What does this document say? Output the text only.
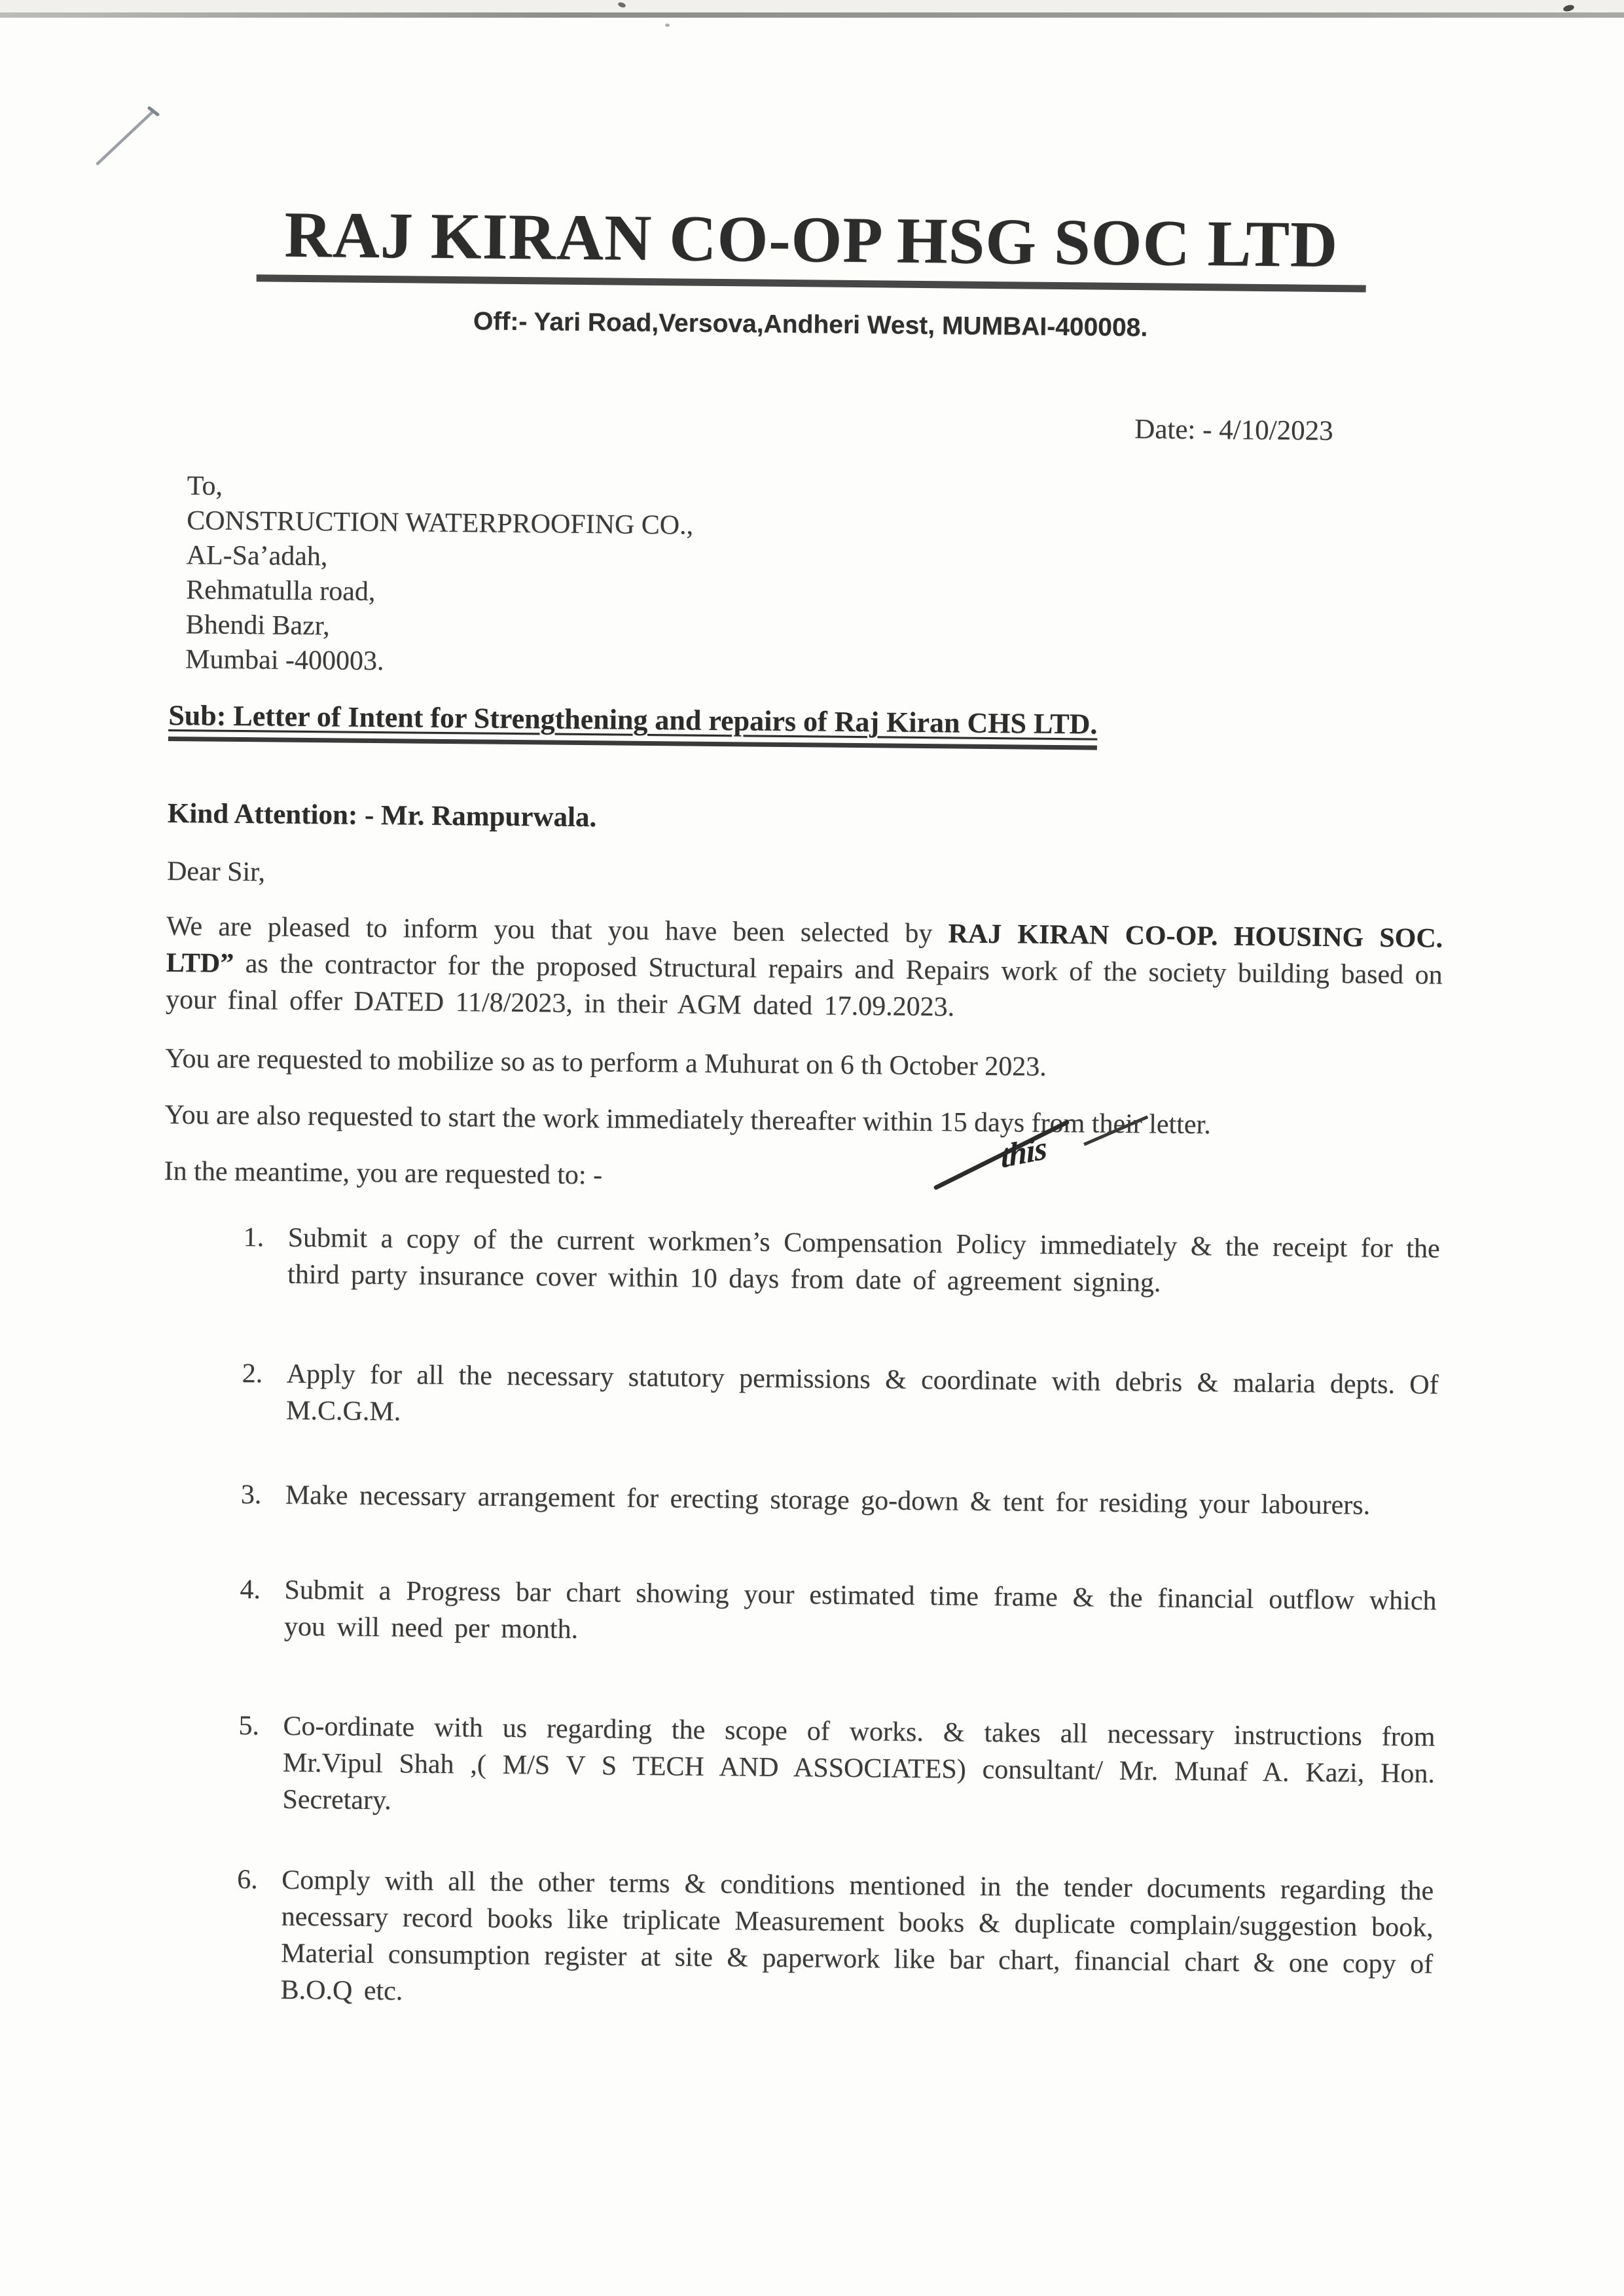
RAJ KIRAN CO-OP HSG SOC LTD
Off:- Yari Road,Versova,Andheri West, MUMBAI-400008.
Date: - 4/10/2023
To,
CONSTRUCTION WATERPROOFING CO.,
AL-Sa’adah,
Rehmatulla road,
Bhendi Bazr,
Mumbai -400003.
Sub: Letter of Intent for Strengthening and repairs of Raj Kiran CHS LTD.
Kind Attention: - Mr. Rampurwala.
Dear Sir,

We are pleased to inform you that you have been selected by RAJ KIRAN CO-OP. HOUSING SOC. LTD” as the contractor for the proposed Structural repairs and Repairs work of the society building based on your final offer DATED 11/8/2023, in their AGM dated 17.09.2023.

You are requested to mobilize so as to perform a Muhurat on 6 th October 2023.

You are also requested to start the work immediately thereafter within 15 days from their letter.
this

In the meantime, you are requested to: -

1. Submit a copy of the current workmen’s Compensation Policy immediately & the receipt for the third party insurance cover within 10 days from date of agreement signing.
2. Apply for all the necessary statutory permissions & coordinate with debris & malaria depts. Of M.C.G.M.
3. Make necessary arrangement for erecting storage go-down & tent for residing your labourers.
4. Submit a Progress bar chart showing your estimated time frame & the financial outflow which you will need per month.
5. Co-ordinate with us regarding the scope of works. & takes all necessary instructions from Mr.Vipul Shah ,( M/S V S TECH AND ASSOCIATES) consultant/ Mr. Munaf A. Kazi, Hon. Secretary.
6. Comply with all the other terms & conditions mentioned in the tender documents regarding the necessary record books like triplicate Measurement books & duplicate complain/suggestion book, Material consumption register at site & paperwork like bar chart, financial chart & one copy of B.O.Q etc.
